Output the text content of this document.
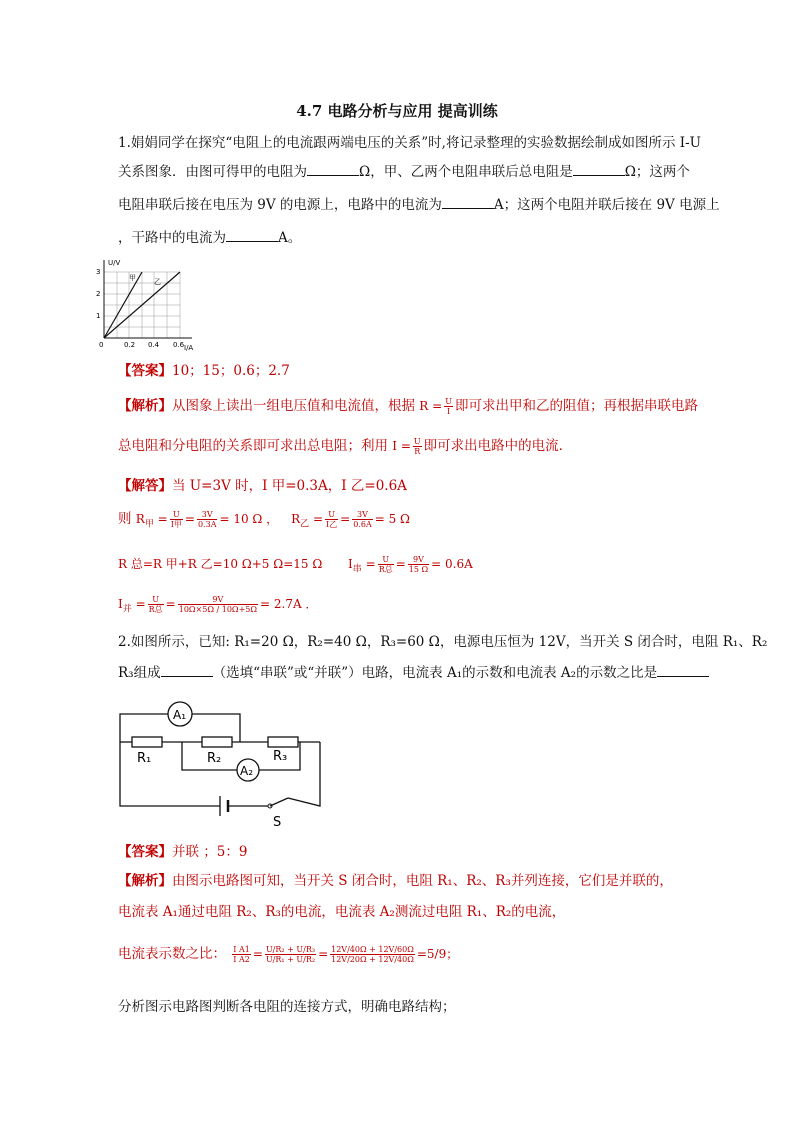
4.7 电路分析与应用 提高训练
1.娟娟同学在探究“电阻上的电流跟两端电压的关系”时,将记录整理的实验数据绘制成如图所示 I-U
关系图象．由图可得甲的电阻为	Ω，甲、乙两个电阻串联后总电阻是	Ω；这两个
电阻串联后接在电压为 9V 的电源上，电路中的电流为	A；这两个电阻并联后接在 9V 电源上
，干路中的电流为	A。
U/V
I/A
1
2
3
0	0.2 0.4 0.6
甲	乙
【答案】10；15；0.6；2.7
【解析】从图象上读出一组电压值和电流值，根据 $R = \frac{U}{I}$ 即可求出甲和乙的阻值；再根据串联电路
总电阻和分电阻的关系即可求出总电阻；利用 $I = \frac{U}{R}$ 即可求出电路中的电流．
【解答】当 U=3V 时，I 甲=0.3A，I 乙=0.6A
则 $R_甲 = \frac{U}{\text{I甲}} = \frac{3V}{0.3A} = 10$ Ω ， $R_乙 = \frac{U}{\text{I乙}} = \frac{3V}{0.6A} = 5$ Ω
R 总=R 甲+R 乙=10 Ω+5 Ω=15 Ω $I_串 = \frac{U}{\text{R总}} = \frac{9V}{15 \Omega} = 0.6A$
$I_并 = \frac{U}{\text{R总}} = \frac{9V}{10\Omega\times 5\Omega / 10\Omega+5\Omega} = 2.7A$ ．
2.如图所示，已知: R₁=20 Ω，R₂=40 Ω，R₃=60 Ω，电源电压恒为 12V，当开关 S 闭合时，电阻 R₁、R₂
R₃组成	（选填“串联”或“并联”）电路，电流表 A₁的示数和电流表 A₂的示数之比是
A₁
A₂
R₁	R₂	R₃
S
【答案】并联 ；5：9
【解析】由图示电路图可知，当开关 S 闭合时，电阻 R₁、R₂、R₃并列连接，它们是并联的，
电流表 A₁通过电阻 R₂、R₃的电流，电流表 A₂测流过电阻 R₁、R₂的电流，
电流表示数之比： $\frac{\text{I A1}}{\text{I A2}} = \frac{\text{U/R₂ + U/R₃}}{\text{U/R₁ + U/R₂}} = \frac{12V/40\Omega + 12V/60\Omega}{12V/20\Omega + 12V/40\Omega} =5/9$；
分析图示电路图判断各电阻的连接方式，明确电路结构；
